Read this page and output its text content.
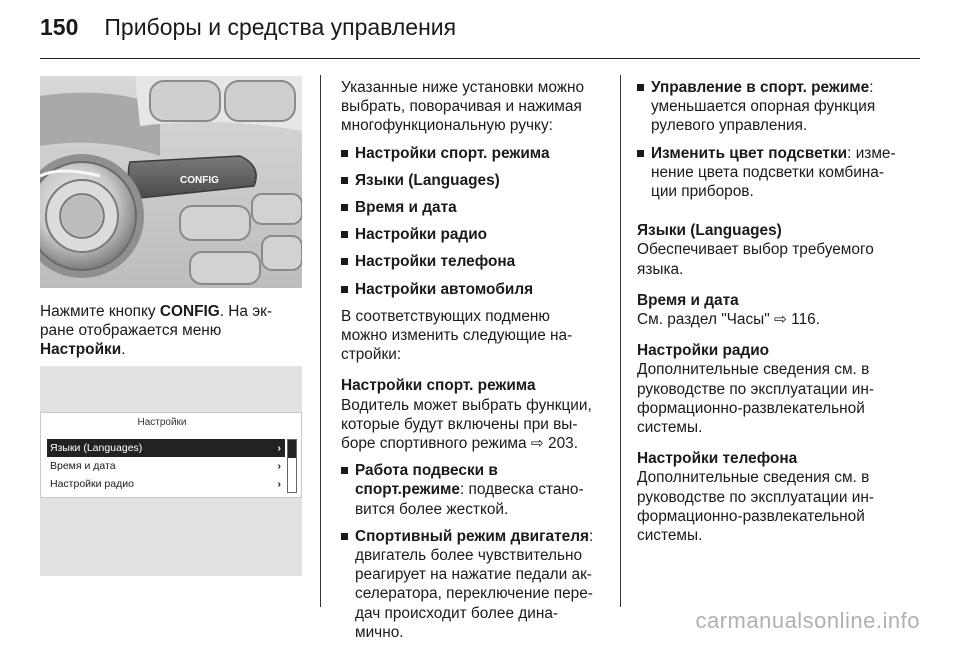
150 Приборы и средства управления
CONFIG

Нажмите кнопку CONFIG. На эк-

ране отображается меню

Настройки.

Настройки
Языки (Languages)	›
Время и дата	›
Настройки радио	›

Указанные ниже установки можно

выбрать, поворачивая и нажимая

многофункциональную ручку:

Настройки спорт. режима
Языки (Languages)
Время и дата
Настройки радио
Настройки телефона
Настройки автомобиля

В соответствующих подменю

можно изменить следующие на-

стройки:

Настройки спорт. режима

Водитель может выбрать функции,

которые будут включены при вы-

боре спортивного режима ⇨ 203.

Работа подвески в
спорт.режиме: подвеска стано-
вится более жесткой.
Спортивный режим двигателя:
двигатель более чувствительно
реагирует на нажатие педали ак-
селератора, переключение пере-
дач происходит более дина-
мично.
Управление в спорт. режиме:
уменьшается опорная функция
рулевого управления.
Изменить цвет подсветки: изме-
нение цвета подсветки комбина-
ции приборов.

Языки (Languages)

Обеспечивает выбор требуемого

языка.

Время и дата

См. раздел "Часы" ⇨ 116.

Настройки радио

Дополнительные сведения см. в

руководстве по эксплуатации ин-

формационно-развлекательной

системы.

Настройки телефона

Дополнительные сведения см. в

руководстве по эксплуатации ин-

формационно-развлекательной

системы.

carmanualsonline.info
